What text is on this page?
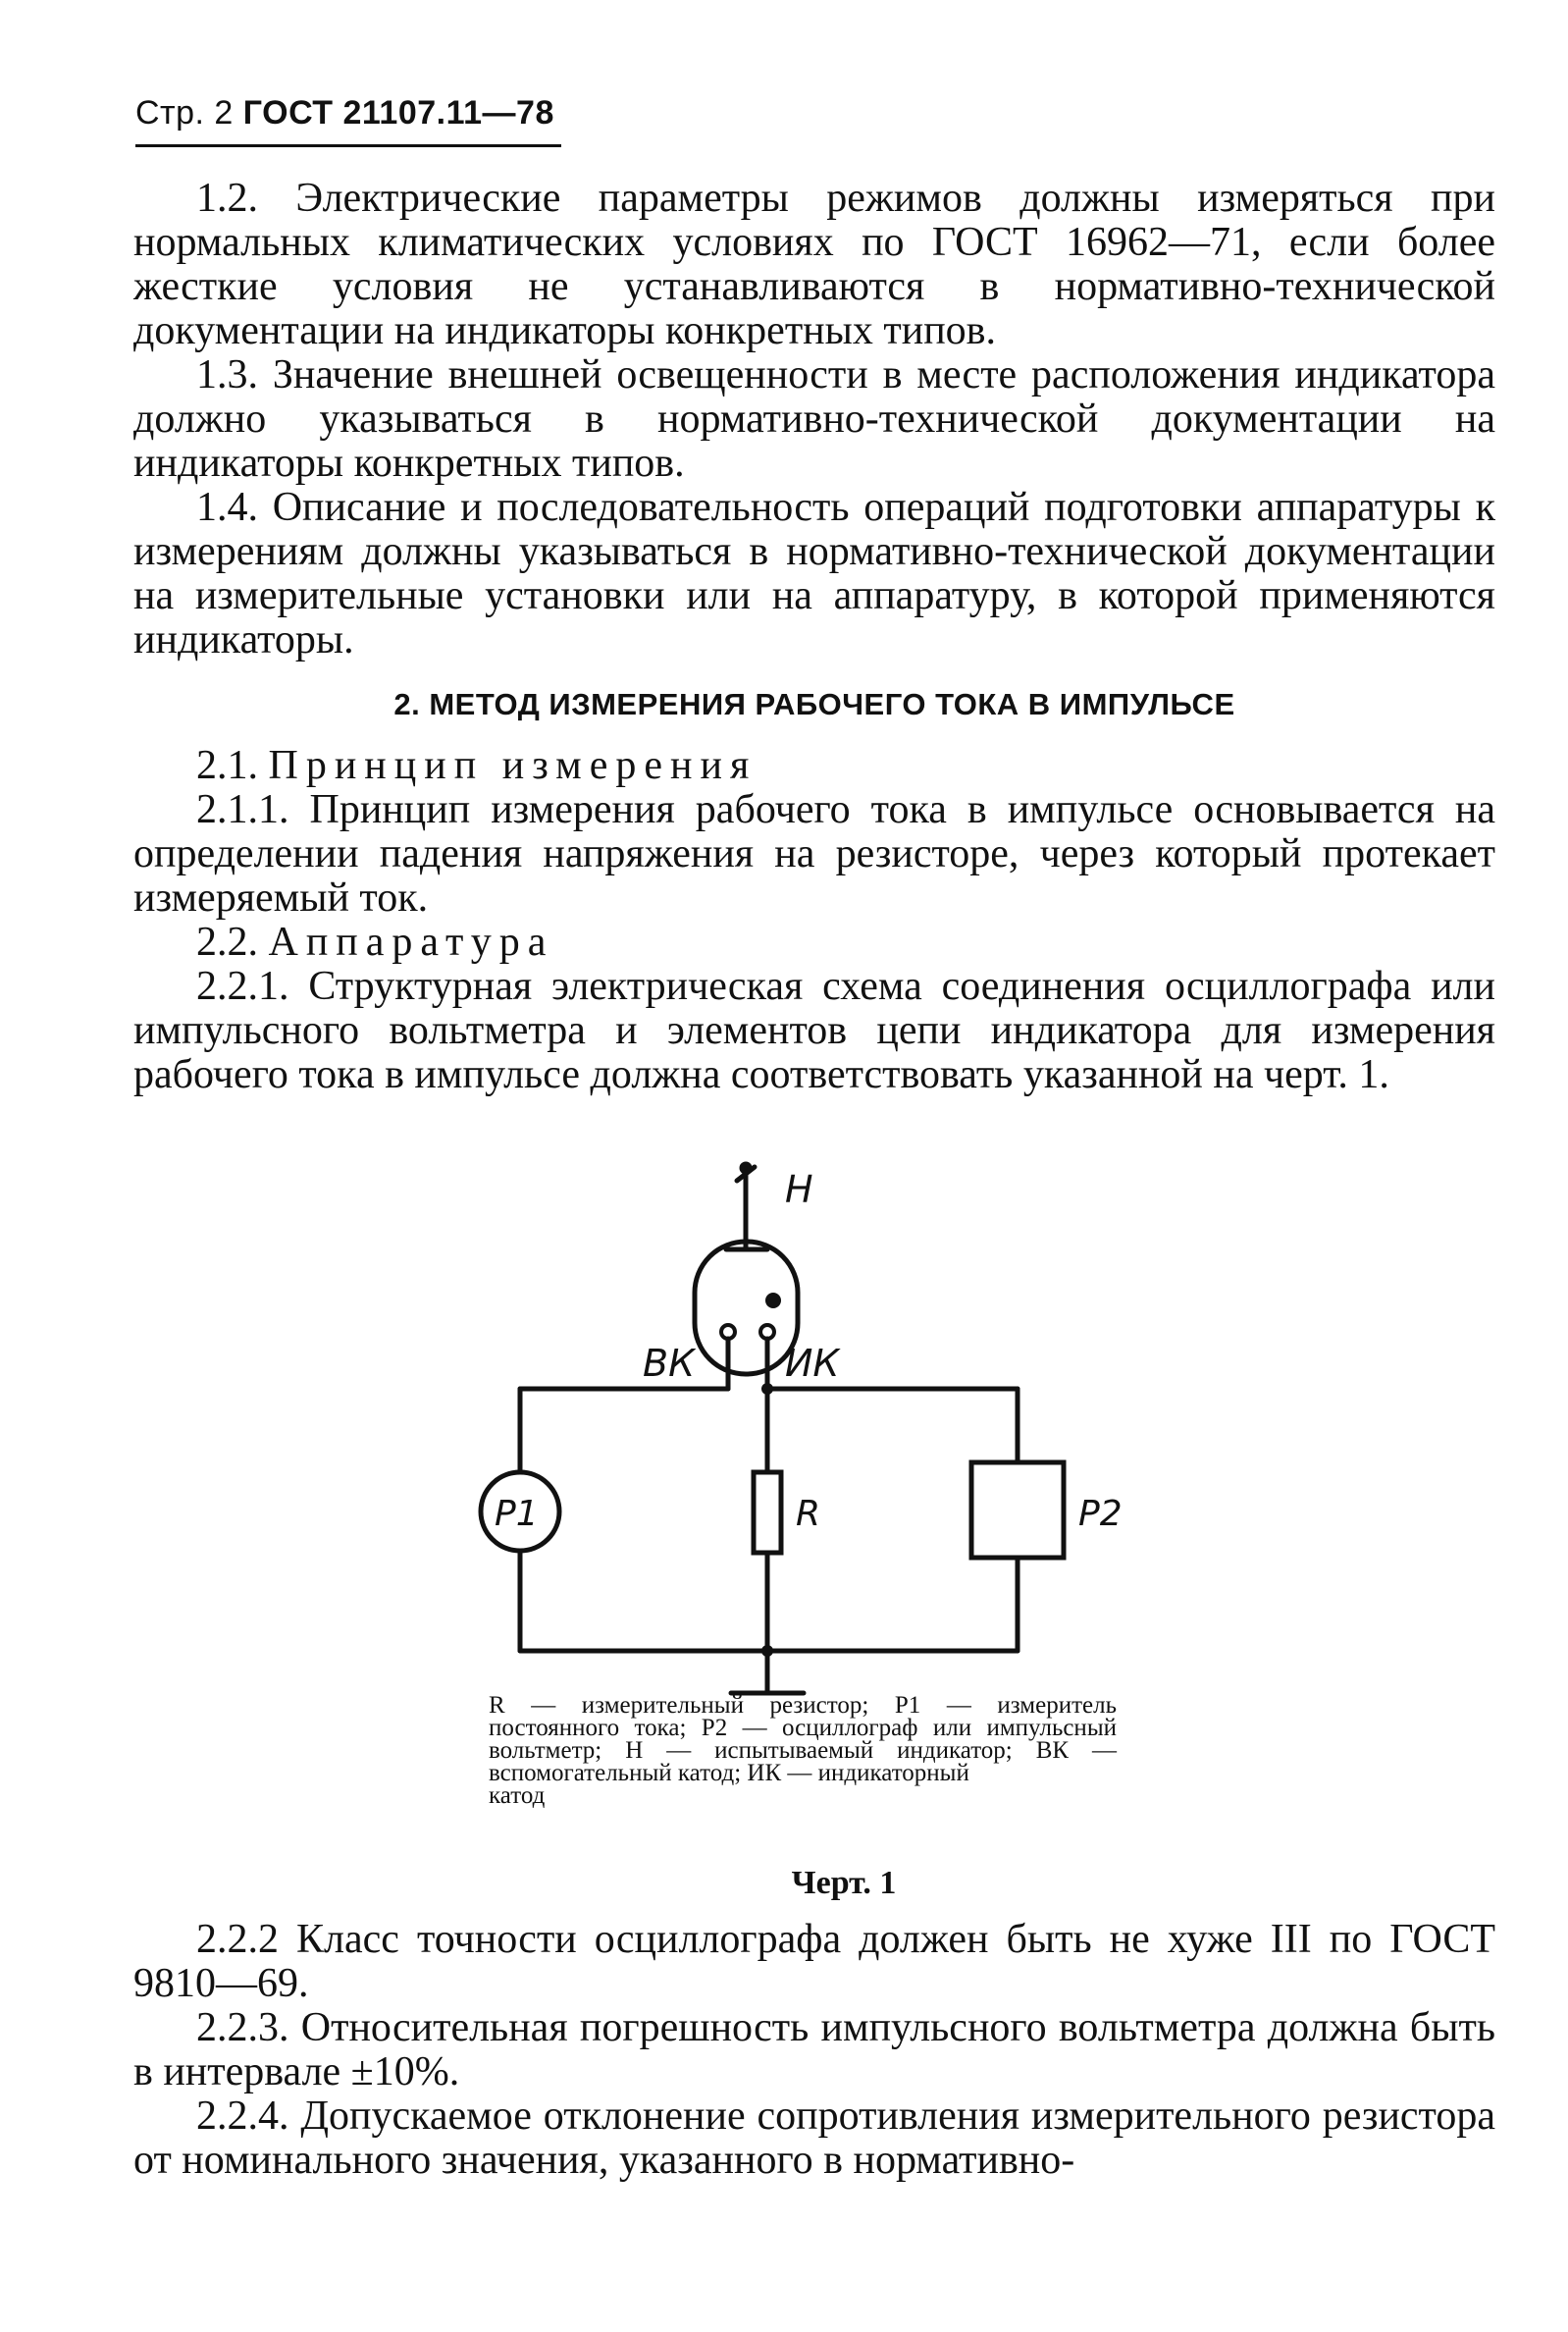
Стр. 2 ГОСТ 21107.11—78

1.2. Электрические параметры режимов должны измеряться при нормальных климатических условиях по ГОСТ 16962—71, если более жесткие условия не устанавливаются в нормативно-технической документации на индикаторы конкретных типов.

1.3. Значение внешней освещенности в месте расположения индикатора должно указываться в нормативно-технической документации на индикаторы конкретных типов.

1.4. Описание и последовательность операций подготовки аппаратуры к измерениям должны указываться в нормативно-технической документации на измерительные установки или на аппаратуру, в которой применяются индикаторы.

2. МЕТОД ИЗМЕРЕНИЯ РАБОЧЕГО ТОКА В ИМПУЛЬСЕ

2.1. Принцип измерения

2.1.1. Принцип измерения рабочего тока в импульсе основывается на определении падения напряжения на резисторе, через который протекает измеряемый ток.

2.2. Аппаратура

2.2.1. Структурная электрическая схема соединения осциллографа или импульсного вольтметра и элементов цепи индикатора для измерения рабочего тока в импульсе должна соответствовать указанной на черт. 1.

Н
ВК ИК
Р1	R	Р2
R — измерительный резистор; Р1 — измеритель постоянного тока; Р2 — осциллограф или импульсный вольтметр; Н — испытываемый индикатор; ВК — вспомогательный катод; ИК — индикаторный
катод
Черт. 1

2.2.2 Класс точности осциллографа должен быть не хуже III по ГОСТ 9810—69.

2.2.3. Относительная погрешность импульсного вольтметра должна быть в интервале ±10%.

2.2.4. Допускаемое отклонение сопротивления измерительного резистора от номинального значения, указанного в нормативно-
